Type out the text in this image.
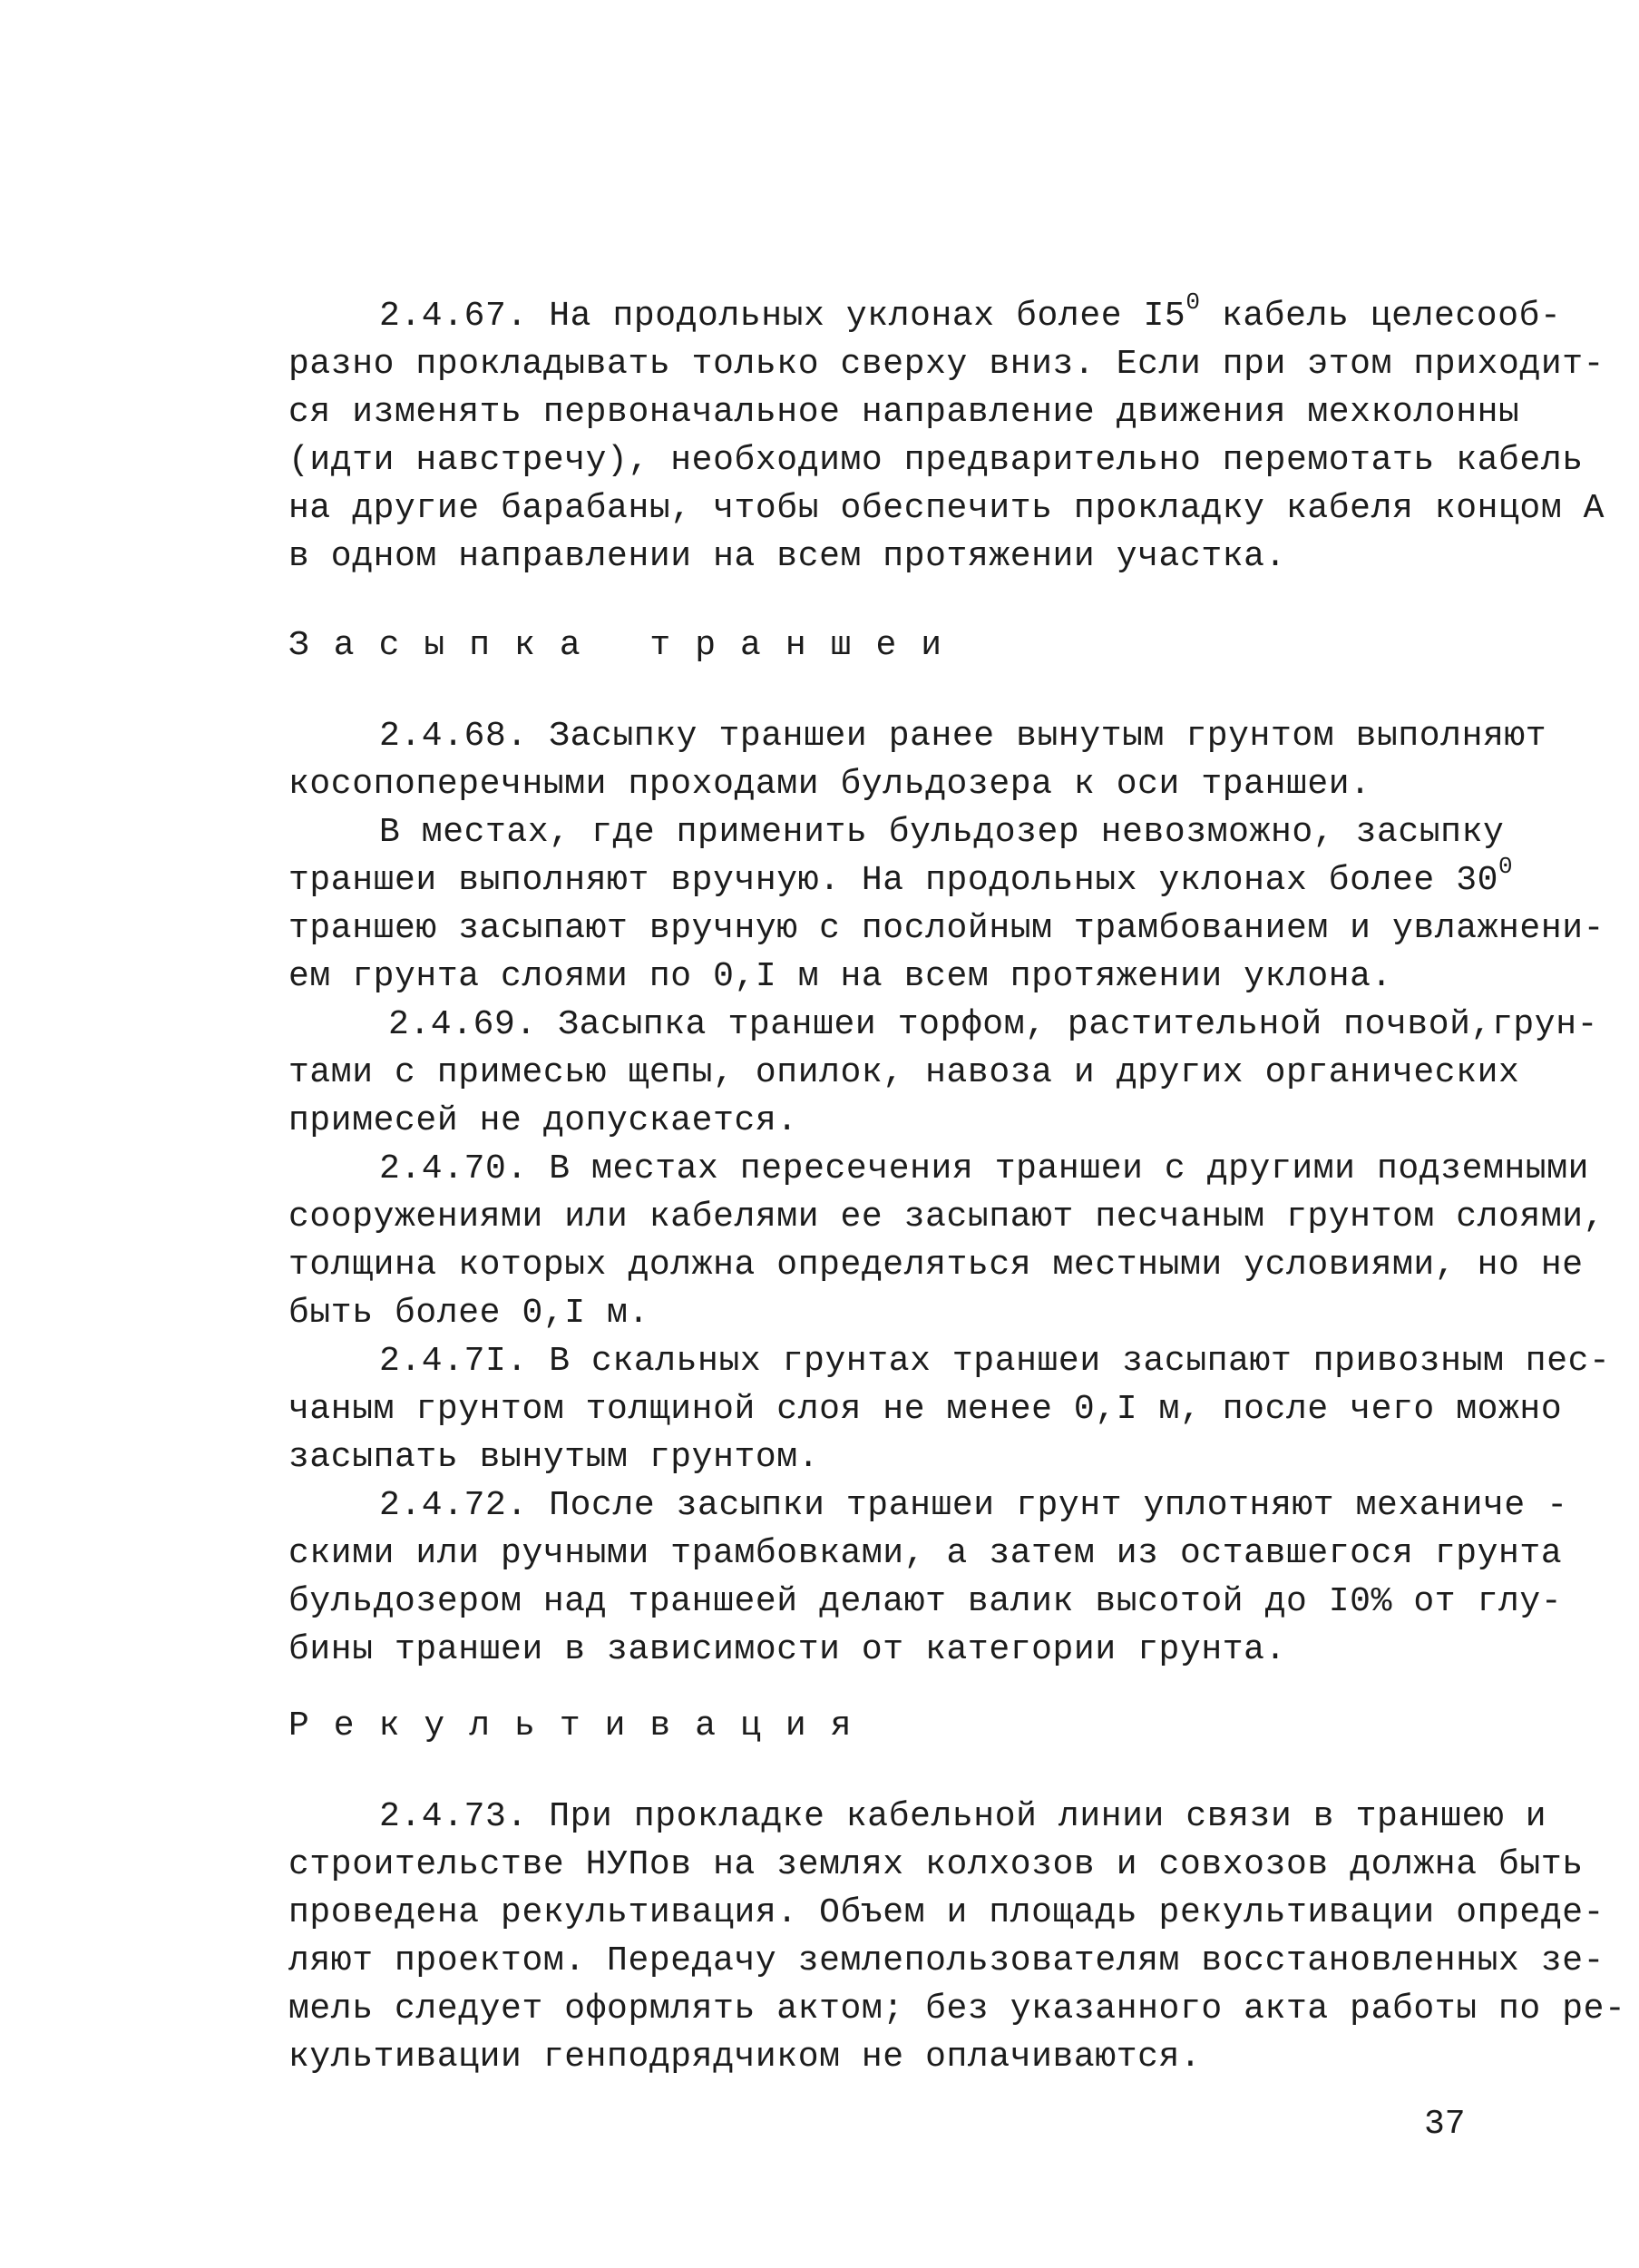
2.4.67. На продольных уклонах более $I5^0$ кабель целесооб-
разно прокладывать только сверху вниз. Если при этом приходит-
ся изменять первоначальное направление движения мехколонны
(идти навстречу), необходимо предварительно перемотать кабель
на другие барабаны, чтобы обеспечить прокладку кабеля концом А
в одном направлении на всем протяжении участка.
Засыпка траншеи
2.4.68. Засыпку траншеи ранее вынутым грунтом выполняют
косопоперечными проходами бульдозера к оси траншеи.
В местах, где применить бульдозер невозможно, засыпку
траншеи выполняют вручную. На продольных уклонах более $30^0$
траншею засыпают вручную с послойным трамбованием и увлажнени-
ем грунта слоями по 0,I м на всем протяжении уклона.
2.4.69. Засыпка траншеи торфом, растительной почвой,грун-
тами с примесью щепы, опилок, навоза и других органических
примесей не допускается.
2.4.70. В местах пересечения траншеи с другими подземными
сооружениями или кабелями ее засыпают песчаным грунтом слоями,
толщина которых должна определяться местными условиями, но не
быть более 0,I м.
2.4.7I. В скальных грунтах траншеи засыпают привозным пес-
чаным грунтом толщиной слоя не менее 0,I м, после чего можно
засыпать вынутым грунтом.
2.4.72. После засыпки траншеи грунт уплотняют механиче -
скими или ручными трамбовками, а затем из оставшегося грунта
бульдозером над траншеей делают валик высотой до I0% от глу-
бины траншеи в зависимости от категории грунта.
Рекультивация
2.4.73. При прокладке кабельной линии связи в траншею и
строительстве НУПов на землях колхозов и совхозов должна быть
проведена рекультивация. Объем и площадь рекультивации опреде-
ляют проектом. Передачу землепользователям восстановленных зе-
мель следует оформлять актом; без указанного акта работы по ре-
культивации генподрядчиком не оплачиваются.
37
